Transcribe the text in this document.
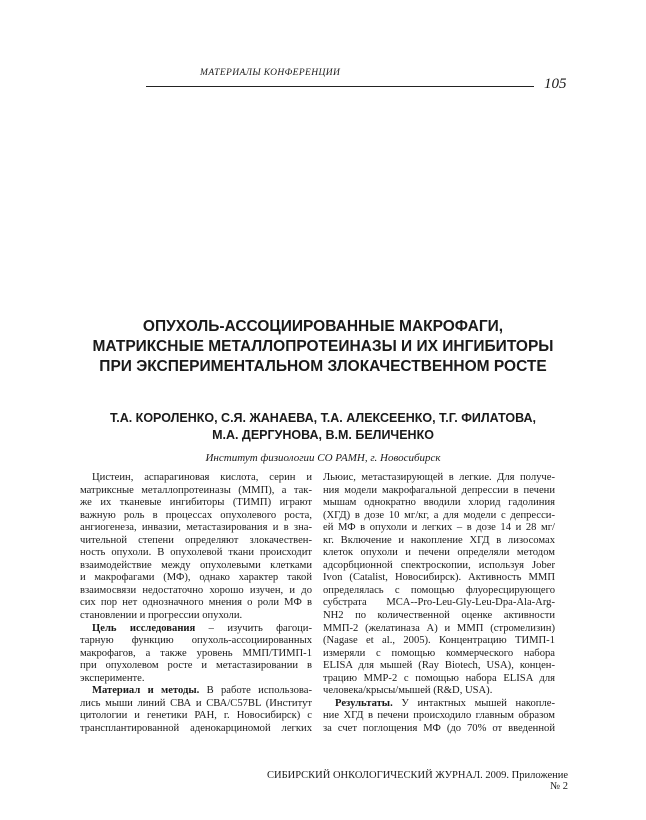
МАТЕРИАЛЫ КОНФЕРЕНЦИИ
105
ОПУХОЛЬ-АССОЦИИРОВАННЫЕ МАКРОФАГИ,
МАТРИКСНЫЕ МЕТАЛЛОПРОТЕИНАЗЫ И ИХ ИНГИБИТОРЫ
ПРИ ЭКСПЕРИМЕНТАЛЬНОМ ЗЛОКАЧЕСТВЕННОМ РОСТЕ
Т.А. КОРОЛЕНКО, С.Я. ЖАНАЕВА, Т.А. АЛЕКСЕЕНКО, Т.Г. ФИЛАТОВА,
М.А. ДЕРГУНОВА, В.М. БЕЛИЧЕНКО
Институт физиологии СО РАМН, г. Новосибирск
Цистеин, аспарагиновая кислота, серин и
матриксные металлопротеиназы (ММП), а так-
же их тканевые ингибиторы (ТИМП) играют
важную роль в процессах опухолевого роста,
ангиогенеза, инвазии, метастазирования и в зна-
чительной степени определяют злокачествен-
ность опухоли. В опухолевой ткани происходит
взаимодействие между опухолевыми клетками
и макрофагами (МФ), однако характер такой
взаимосвязи недостаточно хорошо изучен, и до
сих пор нет однозначного мнения о роли МФ в
становлении и прогрессии опухоли.
Цель исследования – изучить фагоци-
тарную функцию опухоль-ассоциированных
макрофагов, а также уровень ММП/ТИМП-1
при опухолевом росте и метастазировании в
эксперименте.
Материал и методы. В работе использова-
лись мыши линий СВА и СВА/С57BL (Институт
цитологии и генетики РАН, г. Новосибирск) с
трансплантированной аденокарциномой легких
Льюис, метастазирующей в легкие. Для получе-
ния модели макрофагальной депрессии в печени
мышам однократно вводили хлорид гадолиния
(ХГД) в дозе 10 мг/кг, а для модели с депресси-
ей МФ в опухоли и легких – в дозе 14 и 28 мг/
кг. Включение и накопление ХГД в лизосомах
клеток опухоли и печени определяли методом
адсорбционной спектроскопии, используя Jober
Ivon (Catalist, Новосибирск). Активность ММП
определялась с помощью флуоресцирующего
субстрата MCA--Pro-Leu-Gly-Leu-Dpa-Ala-Arg-
NH2 по количественной оценке активности
ММП-2 (желатиназа А) и ММП (стромелизин)
(Nagase et al., 2005). Концентрацию ТИМП-1
измеряли с помощью коммерческого набора
ELISA для мышей (Ray Biotech, USA), концен-
трацию ММР-2 с помощью набора ELISA для
человека/крысы/мышей (R&D, USA).
Результаты. У интактных мышей накопле-
ние ХГД в печени происходило главным образом
за счет поглощения МФ (до 70% от введенной
СИБИРСКИЙ ОНКОЛОГИЧЕСКИЙ ЖУРНАЛ. 2009. Приложение № 2
